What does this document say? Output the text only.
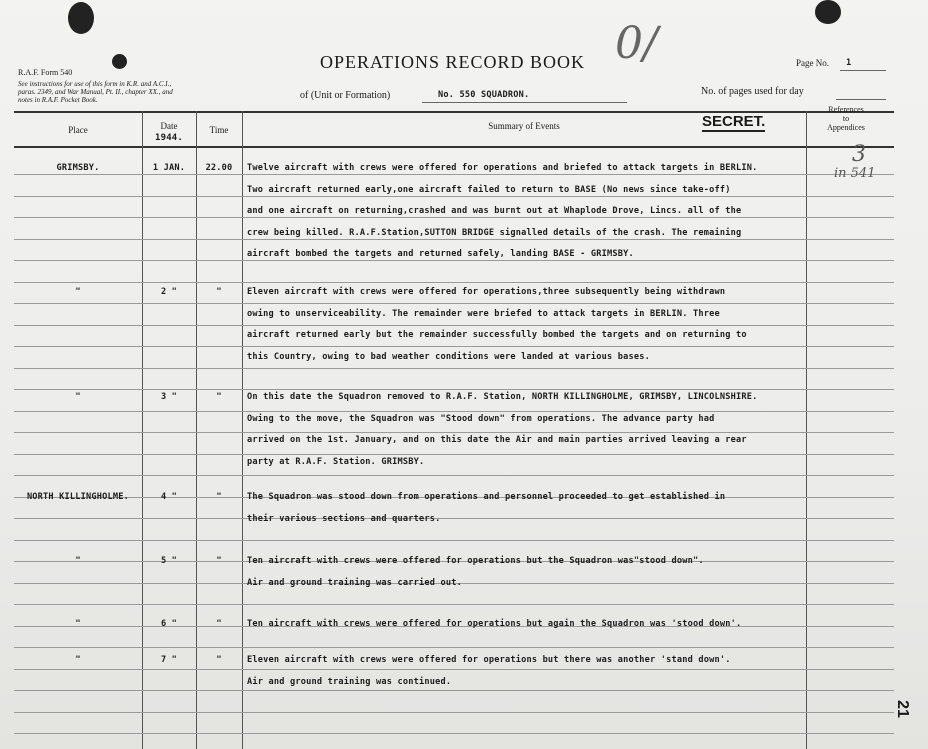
R.A.F. Form 540
See instructions for use of this form in K.R. and A.C.I.,
paras. 2349, and War Manual, Pt. II., chapter XX., and
notes in R.A.F. Pocket Book.
OPERATIONS RECORD BOOK 0/	Page No. 1
of (Unit or Formation)	No. 550 SQUADRON.	No. of pages used for day
Place	Date
1944.
Time	Summary of Events	SECRET.
References
to
Appendices
GRIMSBY.	1 JAN.	22.00	Twelve aircraft with crews were offered for operations and briefed to attack targets in BERLIN.
Two aircraft returned early,one aircraft failed to return to BASE (No news since take-off)
and one aircraft on returning,crashed and was burnt out at Whaplode Drove, Lincs. all of the
crew being killed. R.A.F.Station,SUTTON BRIDGE signalled details of the crash. The remaining
aircraft bombed the targets and returned safely, landing BASE - GRIMSBY.
"	2 "	"	Eleven aircraft with crews were offered for operations,three subsequently being withdrawn
owing to unserviceability. The remainder were briefed to attack targets in BERLIN. Three
aircraft returned early but the remainder successfully bombed the targets and on returning to
this Country, owing to bad weather conditions were landed at various bases.
"	3 "	"	On this date the Squadron removed to R.A.F. Station, NORTH KILLINGHOLME, GRIMSBY, LINCOLNSHIRE.
Owing to the move, the Squadron was "Stood down" from operations. The advance party had
arrived on the 1st. January, and on this date the Air and main parties arrived leaving a rear
party at R.A.F. Station. GRIMSBY.
NORTH KILLINGHOLME.	4 "	"	The Squadron was stood down from operations and personnel proceeded to get established in
their various sections and quarters.
"	5 "	"	Ten aircraft with crews were offered for operations but the Squadron was"stood down".
Air and ground training was carried out.
"	6 "	"	Ten aircraft with crews were offered for operations but again the Squadron was 'stood down'.
"	7 "	"	Eleven aircraft with crews were offered for operations but there was another 'stand down'.
Air and ground training was continued.
3
in 541
21
